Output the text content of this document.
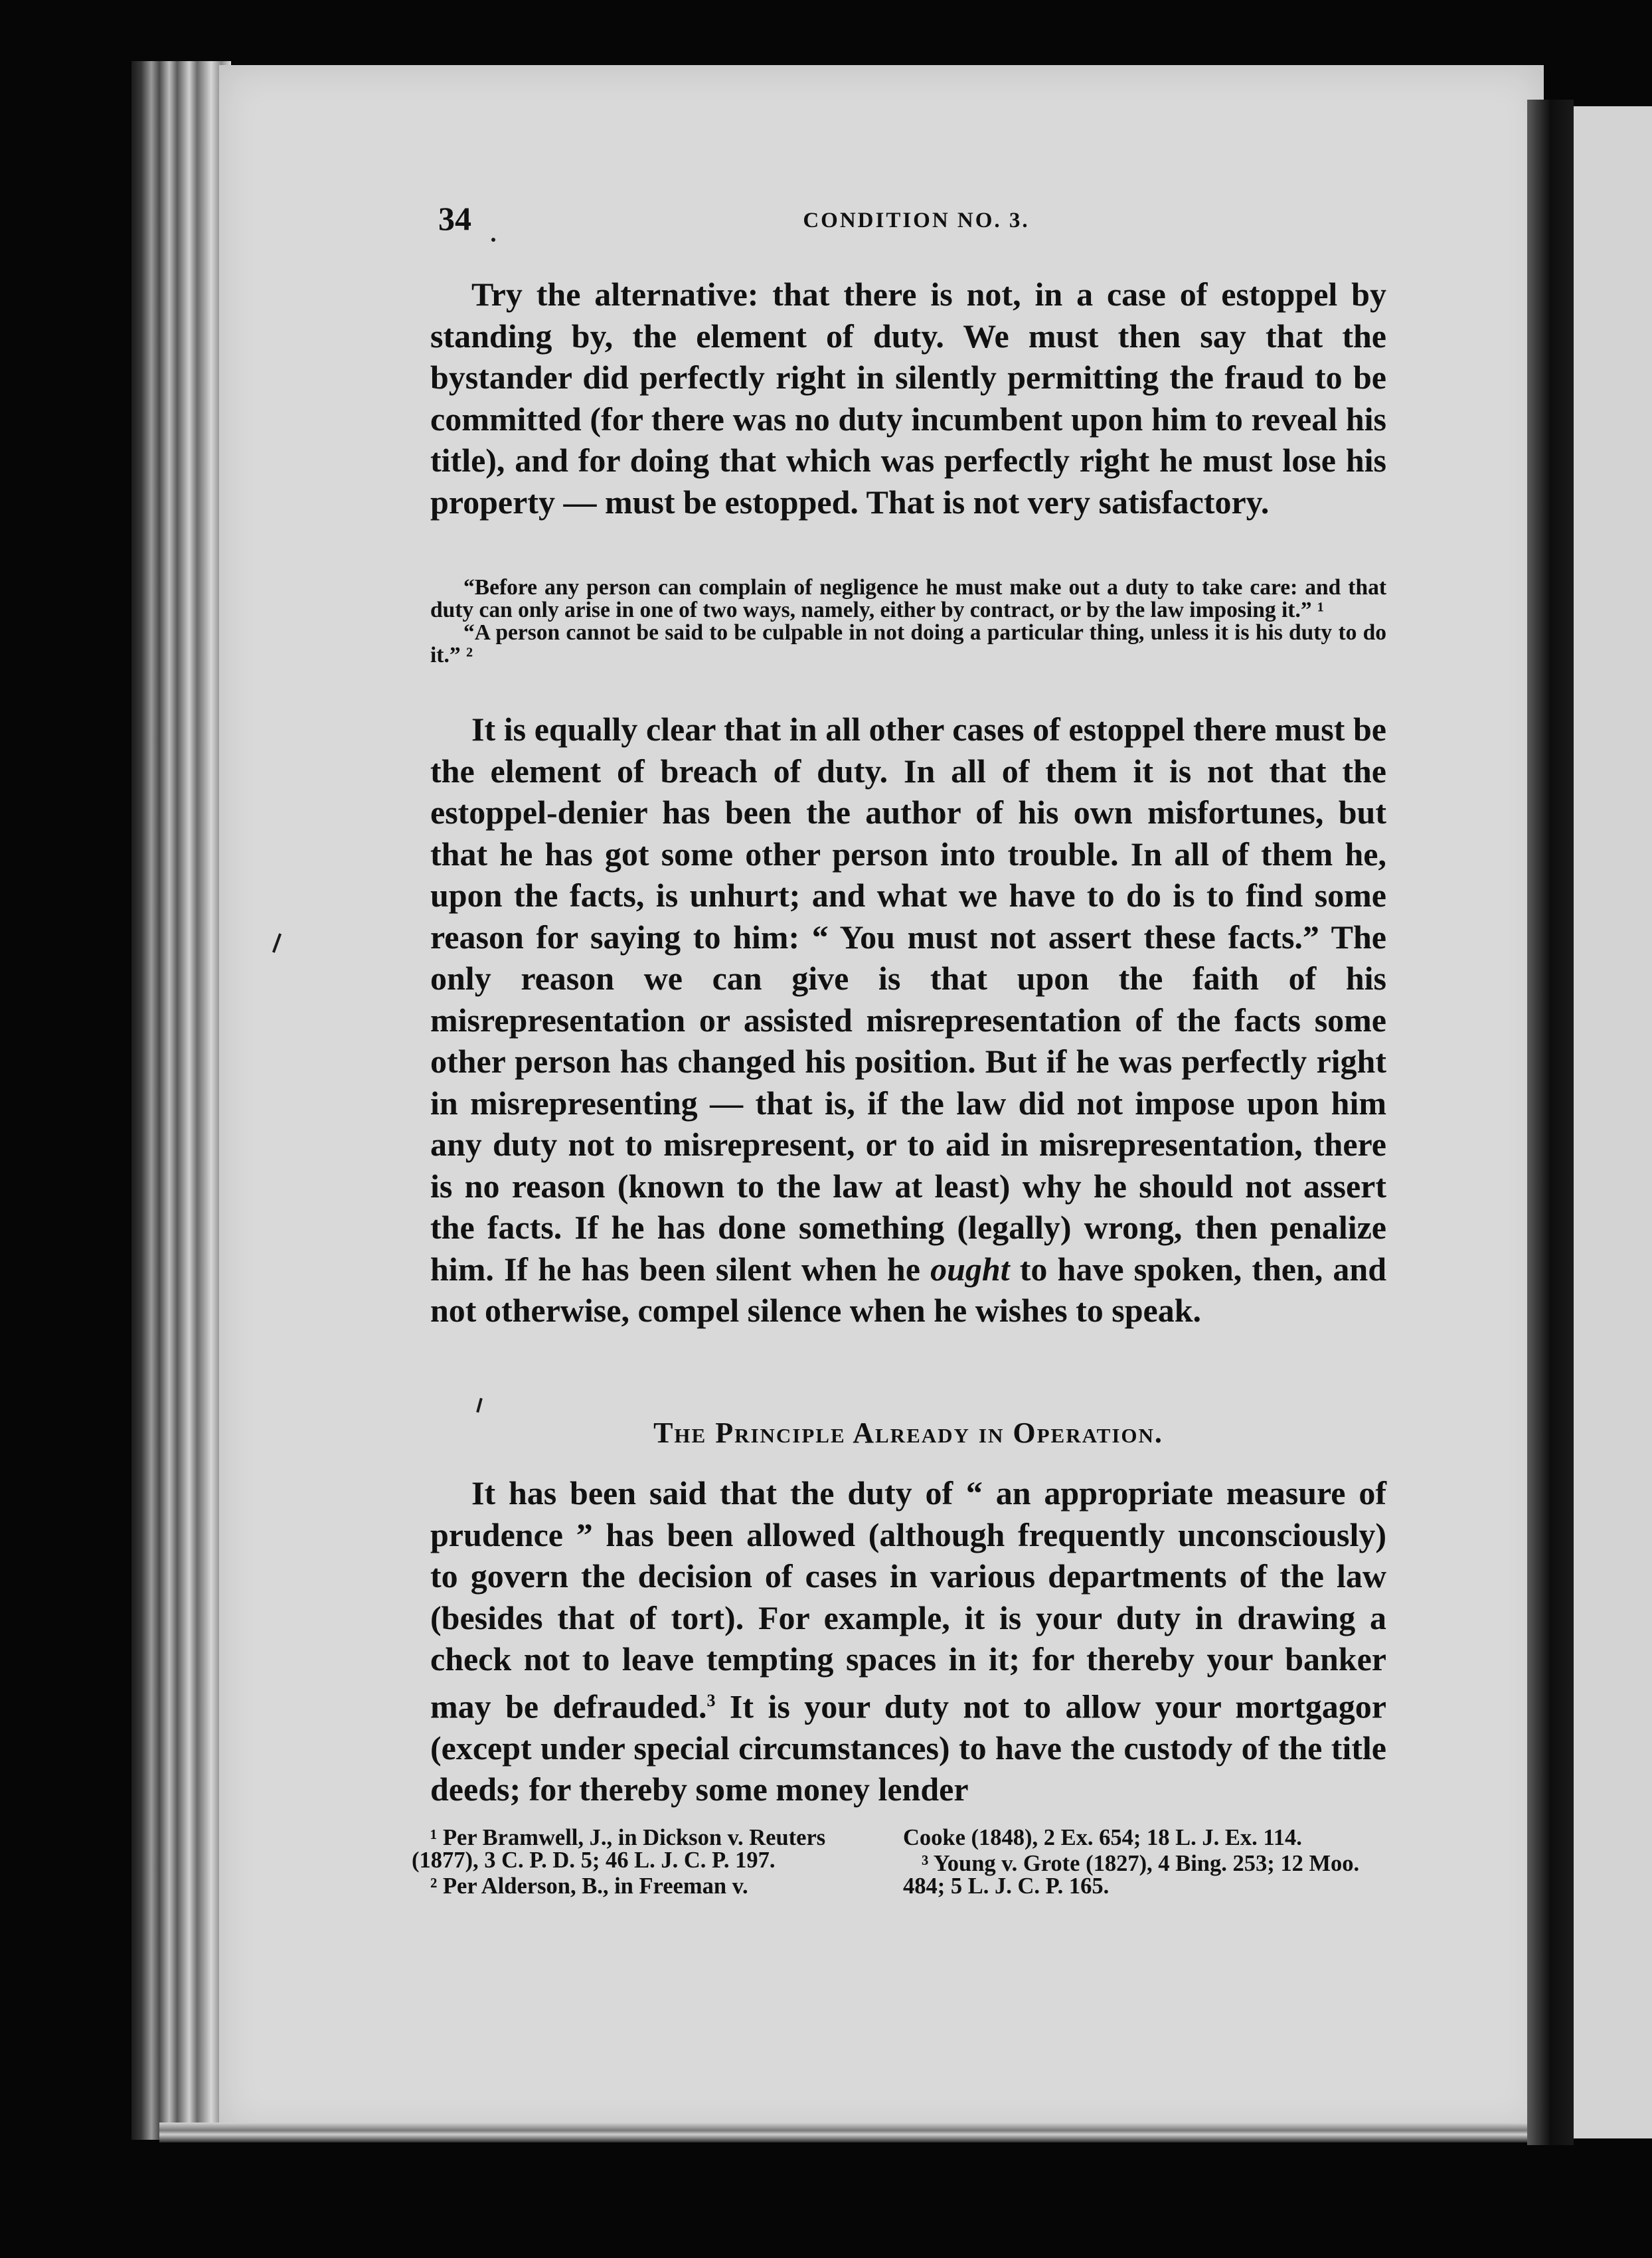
34	CONDITION NO. 3.

Try the alternative: that there is not, in a case of estoppel by standing by, the element of duty. We must then say that the bystander did perfectly right in silently permitting the fraud to be committed (for there was no duty incumbent upon him to reveal his title), and for doing that which was perfectly right he must lose his property — must be estopped. That is not very satisfactory.

“Before any person can complain of negligence he must make out a duty to take care: and that duty can only arise in one of two ways, namely, either by contract, or by the law imposing it.” ¹

“A person cannot be said to be culpable in not doing a particular thing, unless it is his duty to do it.” ²

It is equally clear that in all other cases of estoppel there must be the element of breach of duty. In all of them it is not that the estoppel-denier has been the author of his own misfortunes, but that he has got some other person into trouble. In all of them he, upon the facts, is unhurt; and what we have to do is to find some reason for saying to him: “ You must not assert these facts.” The only reason we can give is that upon the faith of his misrepresentation or assisted misrepresentation of the facts some other person has changed his position. But if he was perfectly right in misrepresenting — that is, if the law did not impose upon him any duty not to misrepresent, or to aid in misrepresentation, there is no reason (known to the law at least) why he should not assert the facts. If he has done something (legally) wrong, then penalize him. If he has been silent when he ought to have spoken, then, and not otherwise, compel silence when he wishes to speak.

The Principle Already in Operation.

It has been said that the duty of “ an appropriate measure of prudence ” has been allowed (although frequently unconsciously) to govern the decision of cases in various departments of the law (besides that of tort). For example, it is your duty in drawing a check not to leave tempting spaces in it; for thereby your banker may be defrauded.$^3$ It is your duty not to allow your mortgagor (except under special circumstances) to have the custody of the title deeds; for thereby some money lender

¹ Per Bramwell, J., in Dickson v. Reuters (1877), 3 C. P. D. 5; 46 L. J. C. P. 197.

² Per Alderson, B., in Freeman v.

Cooke (1848), 2 Ex. 654; 18 L. J. Ex. 114.

³ Young v. Grote (1827), 4 Bing. 253; 12 Moo. 484; 5 L. J. C. P. 165.
